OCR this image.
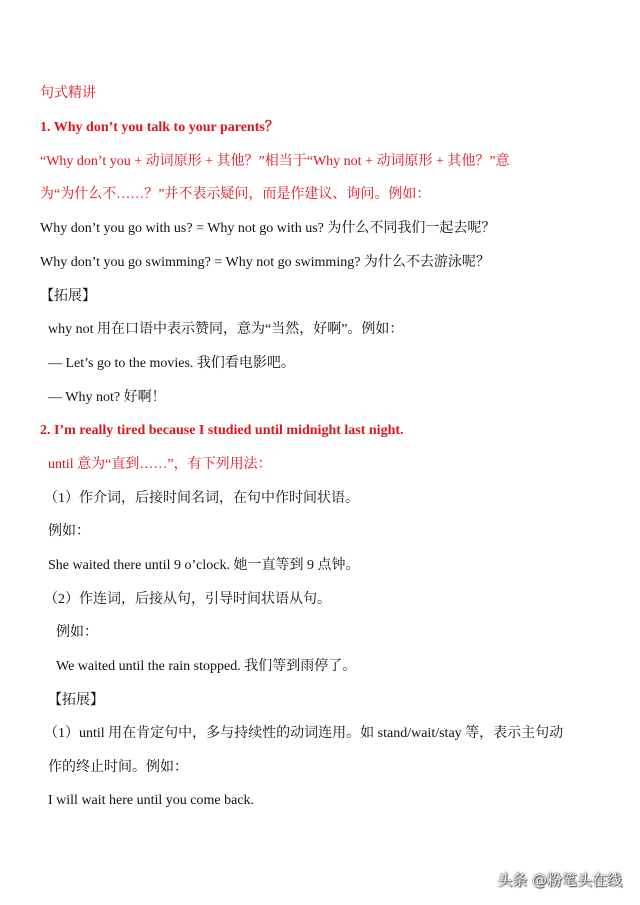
句式精讲
1. Why don’t you talk to your parents？
“Why don’t you + 动词原形 + 其他？”相当于“Why not + 动词原形 + 其他？”意
为“为什么不……？”并不表示疑问，而是作建议、询问。例如：
Why don’t you go with us? = Why not go with us? 为什么不同我们一起去呢？
Why don’t you go swimming? = Why not go swimming? 为什么不去游泳呢？
【拓展】
why not 用在口语中表示赞同，意为“当然，好啊”。例如：
— Let’s go to the movies. 我们看电影吧。
— Why not? 好啊！
2. I’m really tired because I studied until midnight last night.
until 意为“直到……”，有下列用法：
（1）作介词，后接时间名词，在句中作时间状语。
例如：
She waited there until 9 o’clock. 她一直等到 9 点钟。
（2）作连词，后接从句，引导时间状语从句。
例如：
We waited until the rain stopped. 我们等到雨停了。
【拓展】
（1）until 用在肯定句中，多与持续性的动词连用。如 stand/wait/stay 等，表示主句动
作的终止时间。例如：
I will wait here until you come back.
头条 @粉笔头在线
